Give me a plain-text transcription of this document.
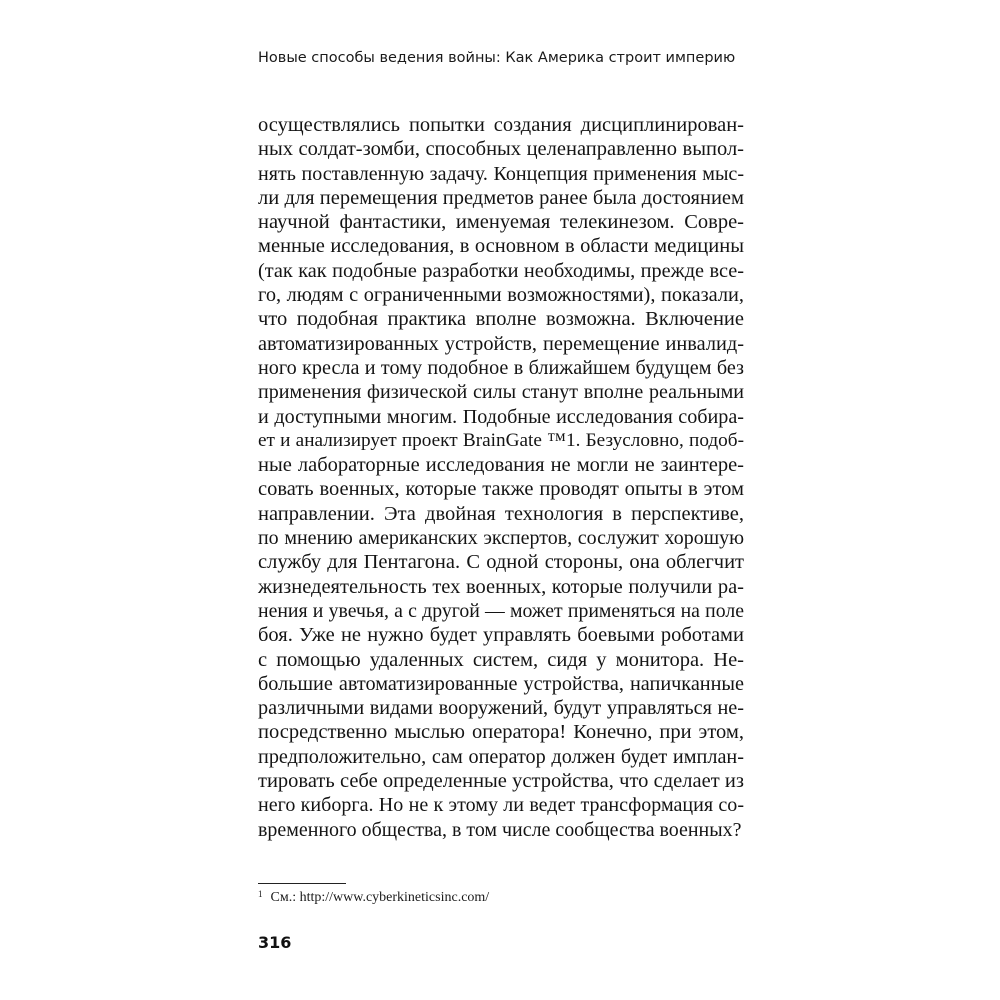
Новые способы ведения войны: Как Америка строит империю
осуществлялись попытки создания дисциплинирован-
ных солдат-зомби, способных целенаправленно выпол-
нять поставленную задачу. Концепция применения мыс-
ли для перемещения предметов ранее была достоянием
научной фантастики, именуемая телекинезом. Совре-
менные исследования, в основном в области медицины
(так как подобные разработки необходимы, прежде все-
го, людям с ограниченными возможностями), показали,
что подобная практика вполне возможна. Включение
автоматизированных устройств, перемещение инвалид-
ного кресла и тому подобное в ближайшем будущем без
применения физической силы станут вполне реальными
и доступными многим. Подобные исследования собира-
ет и анализирует проект BrainGate ™1. Безусловно, подоб-
ные лабораторные исследования не могли не заинтере-
совать военных, которые также проводят опыты в этом
направлении. Эта двойная технология в перспективе,
по мнению американских экспертов, сослужит хорошую
службу для Пентагона. С одной стороны, она облегчит
жизнедеятельность тех военных, которые получили ра-
нения и увечья, а с другой — может применяться на поле
боя. Уже не нужно будет управлять боевыми роботами
с помощью удаленных систем, сидя у монитора. Не-
большие автоматизированные устройства, напичканные
различными видами вооружений, будут управляться не-
посредственно мыслью оператора! Конечно, при этом,
предположительно, сам оператор должен будет имплан-
тировать себе определенные устройства, что сделает из
него киборга. Но не к этому ли ведет трансформация со-
временного общества, в том числе сообщества военных?
$^1$ См.: http://www.cyberkineticsinc.com/
316
